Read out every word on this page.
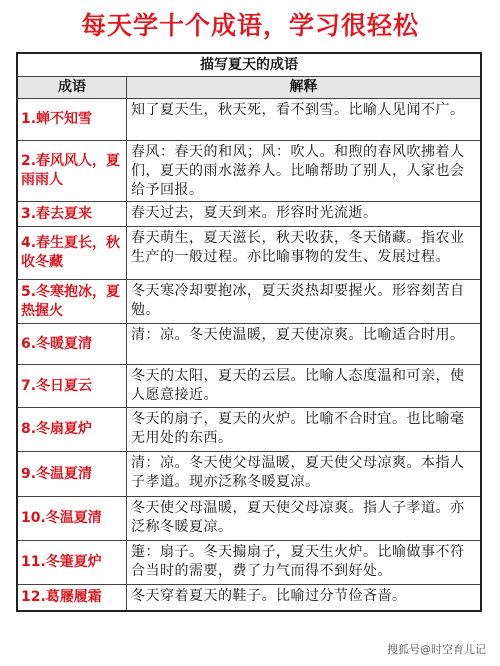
每天学十个成语，学习很轻松
描写夏天的成语
成语	解释
1.蝉不知雪
知了夏天生，秋天死，看不到雪。比喻人见闻不广。
2.春风风人，夏雨雨人
春风：春天的和风；风：吹人。和煦的春风吹拂着人们，夏天的雨水滋养人。比喻帮助了别人，人家也会给予回报。
3.春去夏来	春天过去，夏天到来。形容时光流逝。
4.春生夏长，秋收冬藏
春天萌生，夏天滋长，秋天收获，冬天储藏。指农业生产的一般过程。亦比喻事物的发生、发展过程。
5.冬寒抱冰，夏热握火
冬天寒冷却要抱冰，夏天炎热却要握火。形容刻苦自勉。
6.冬暖夏清
清：凉。冬天使温暖，夏天使凉爽。比喻适合时用。
7.冬日夏云
冬天的太阳，夏天的云层。比喻人态度温和可亲，使人愿意接近。
8.冬扇夏炉
冬天的扇子，夏天的火炉。比喻不合时宜。也比喻毫无用处的东西。
9.冬温夏清
清：凉。冬天使父母温暖，夏天使父母凉爽。本指人子孝道。现亦泛称冬暖夏凉。
10.冬温夏清
冬天使父母温暖，夏天使父母凉爽。指人子孝道。亦泛称冬暖夏凉。
11.冬箑夏炉
箑：扇子。冬天搧扇子，夏天生火炉。比喻做事不符合当时的需要，费了力气而得不到好处。
12.葛屦履霜	冬天穿着夏天的鞋子。比喻过分节俭吝啬。
搜狐号@时空育儿记
